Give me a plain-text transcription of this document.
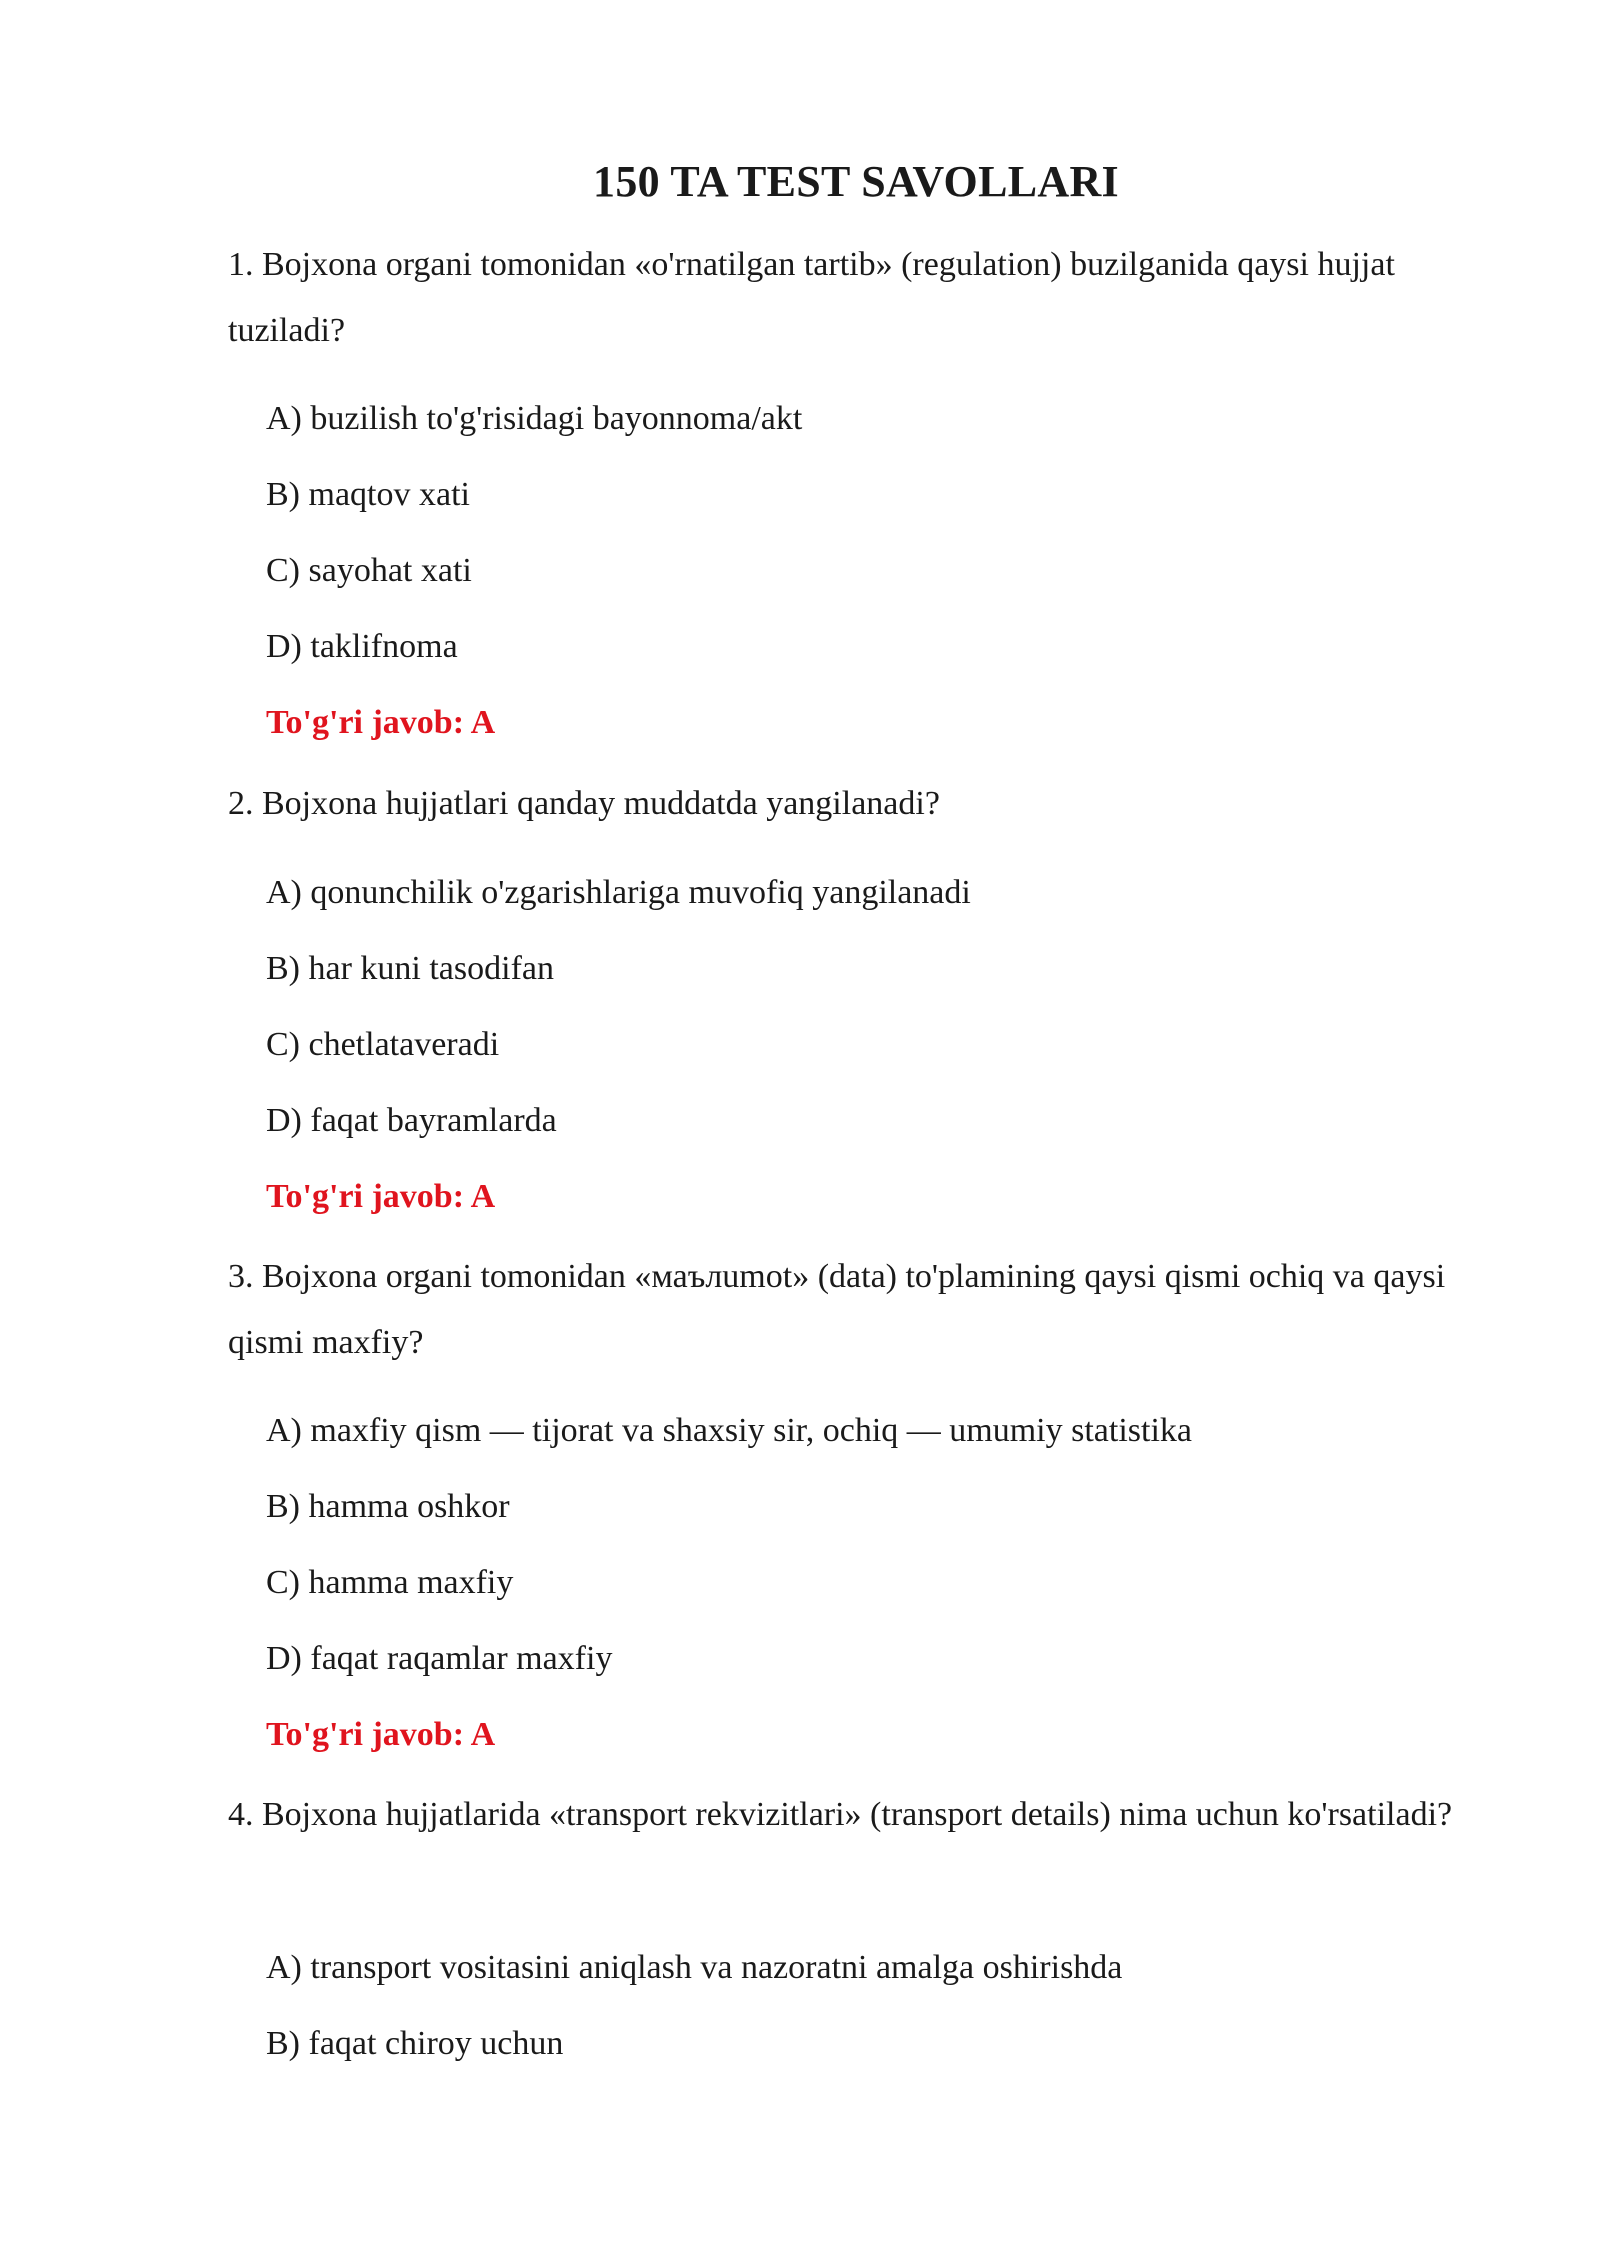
150 TA TEST SAVOLLARI

1. Bojxona organi tomonidan «o'rnatilgan tartib» (regulation) buzilganida qaysi hujjat tuziladi?

A) buzilish to'g'risidagi bayonnoma/akt

B) maqtov xati

C) sayohat xati

D) taklifnoma

To'g'ri javob: A

2. Bojxona hujjatlari qanday muddatda yangilanadi?

A) qonunchilik o'zgarishlariga muvofiq yangilanadi

B) har kuni tasodifan

C) chetlataveradi

D) faqat bayramlarda

To'g'ri javob: A

3. Bojxona organi tomonidan «маълumot» (data) to'plamining qaysi qismi ochiq va qaysi qismi maxfiy?

A) maxfiy qism — tijorat va shaxsiy sir, ochiq — umumiy statistika

B) hamma oshkor

C) hamma maxfiy

D) faqat raqamlar maxfiy

To'g'ri javob: A

4. Bojxona hujjatlarida «transport rekvizitlari» (transport details) nima uchun ko'rsatiladi?

A) transport vositasini aniqlash va nazoratni amalga oshirishda

B) faqat chiroy uchun
